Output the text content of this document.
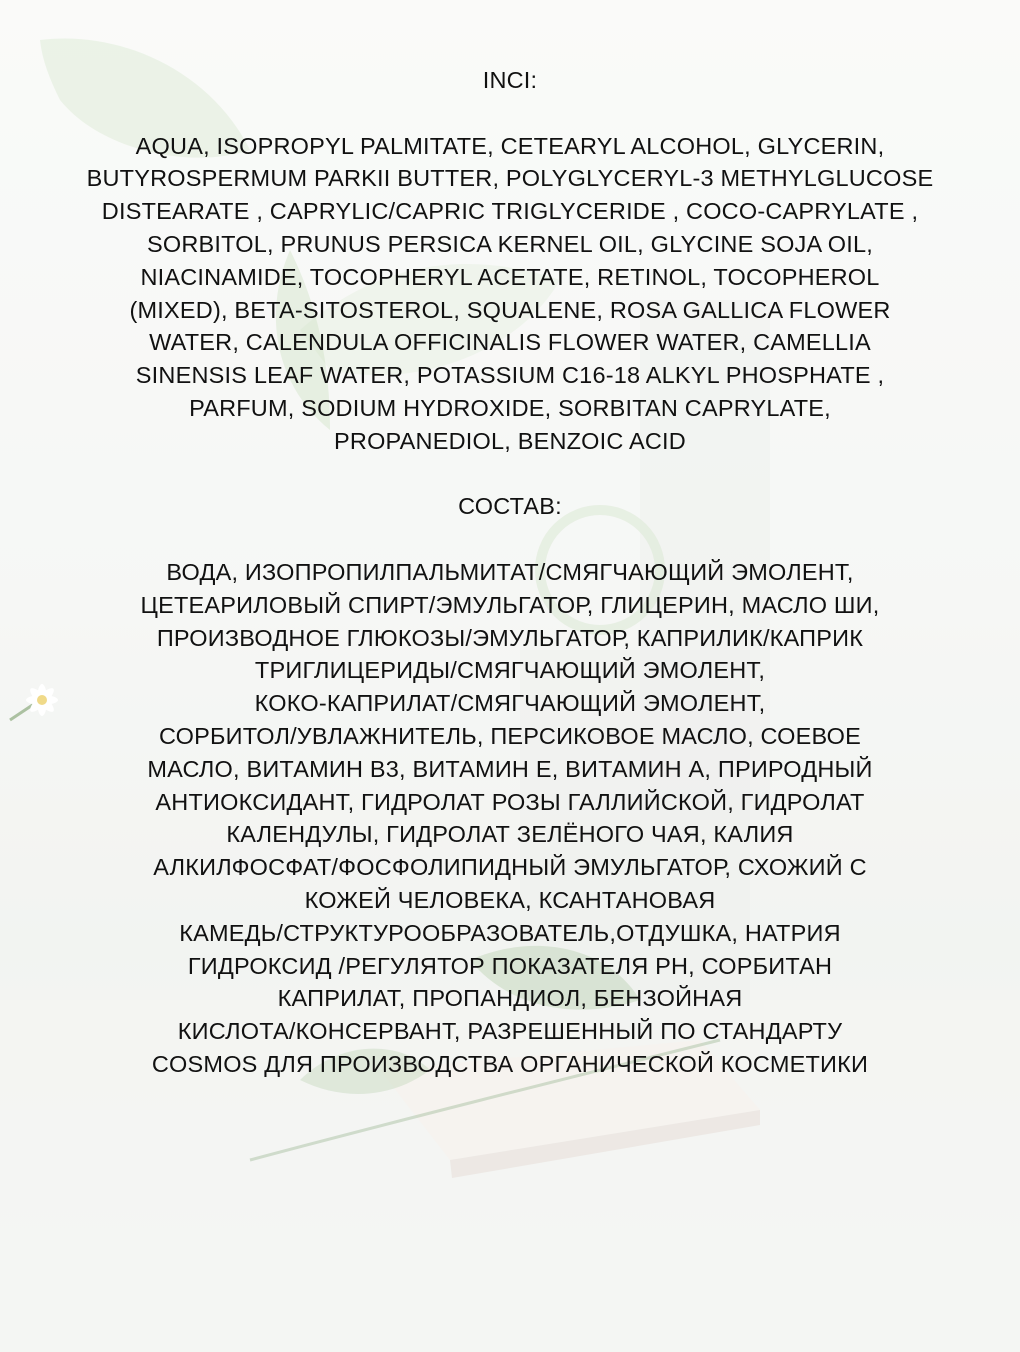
INCI:
AQUA, ISOPROPYL PALMITATE, CETEARYL ALCOHOL, GLYCERIN,
BUTYROSPERMUM PARKII BUTTER, POLYGLYCERYL-3 METHYLGLUCOSE
DISTEARATE , CAPRYLIC/CAPRIC TRIGLYCERIDE , COCO-CAPRYLATE ,
SORBITOL, PRUNUS PERSICA KERNEL OIL, GLYCINE SOJA OIL,
NIACINAMIDE, TOCOPHERYL ACETATE, RETINOL, TOCOPHEROL
(MIXED), BETA-SITOSTEROL, SQUALENE, ROSA GALLICA FLOWER
WATER, CALENDULA OFFICINALIS FLOWER WATER, CAMELLIA
SINENSIS LEAF WATER, POTASSIUM C16-18 ALKYL PHOSPHATE ,
PARFUM, SODIUM HYDROXIDE, SORBITAN CAPRYLATE,
PROPANEDIOL, BENZOIC ACID
СОСТАВ:
ВОДА, ИЗОПРОПИЛПАЛЬМИТАТ/СМЯГЧАЮЩИЙ ЭМОЛЕНТ,
ЦЕТЕАРИЛОВЫЙ СПИРТ/ЭМУЛЬГАТОР, ГЛИЦЕРИН, МАСЛО ШИ,
ПРОИЗВОДНОЕ ГЛЮКОЗЫ/ЭМУЛЬГАТОР, КАПРИЛИК/КАПРИК
ТРИГЛИЦЕРИДЫ/СМЯГЧАЮЩИЙ ЭМОЛЕНТ,
КОКО-КАПРИЛАТ/СМЯГЧАЮЩИЙ ЭМОЛЕНТ,
СОРБИТОЛ/УВЛАЖНИТЕЛЬ, ПЕРСИКОВОЕ МАСЛО, СОЕВОЕ
МАСЛО, ВИТАМИН В3, ВИТАМИН Е, ВИТАМИН А, ПРИРОДНЫЙ
АНТИОКСИДАНТ, ГИДРОЛАТ РОЗЫ ГАЛЛИЙСКОЙ, ГИДРОЛАТ
КАЛЕНДУЛЫ, ГИДРОЛАТ ЗЕЛЁНОГО ЧАЯ, КАЛИЯ
АЛКИЛФОСФАТ/ФОСФОЛИПИДНЫЙ ЭМУЛЬГАТОР, СХОЖИЙ С
КОЖЕЙ ЧЕЛОВЕКА, КСАНТАНОВАЯ
КАМЕДЬ/СТРУКТУРООБРАЗОВАТЕЛЬ,ОТДУШКА, НАТРИЯ
ГИДРОКСИД /РЕГУЛЯТОР ПОКАЗАТЕЛЯ РН, СОРБИТАН
КАПРИЛАТ, ПРОПАНДИОЛ, БЕНЗОЙНАЯ
КИСЛОТА/КОНСЕРВАНТ, РАЗРЕШЕННЫЙ ПО СТАНДАРТУ
COSMOS ДЛЯ ПРОИЗВОДСТВА ОРГАНИЧЕСКОЙ КОСМЕТИКИ
